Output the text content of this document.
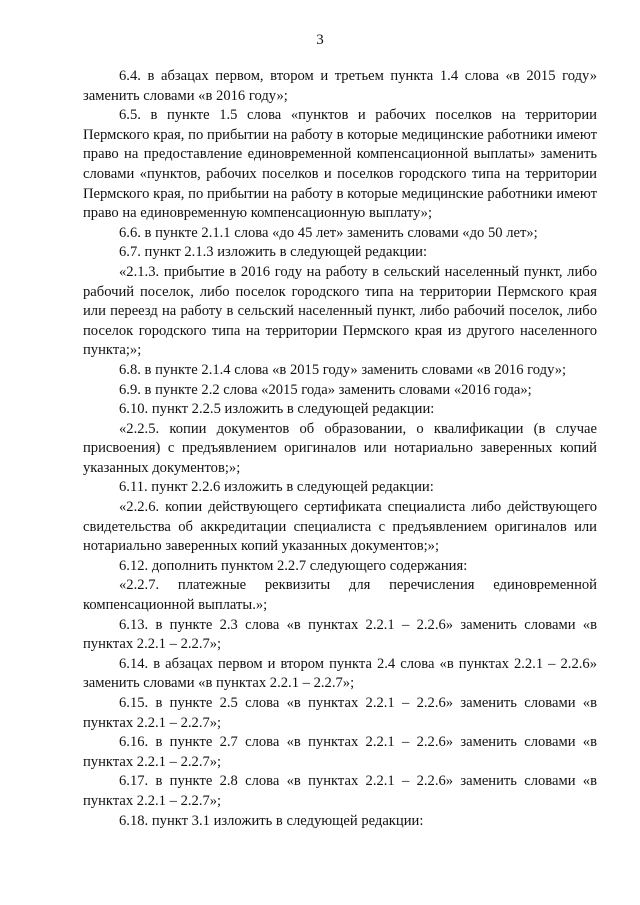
3

6.4. в абзацах первом, втором и третьем пункта 1.4 слова «в 2015 году» заменить словами «в 2016 году»;

6.5. в пункте 1.5 слова «пунктов и рабочих поселков на территории Пермского края, по прибытии на работу в которые медицинские работники имеют право на предоставление единовременной компенсационной выплаты» заменить словами «пунктов, рабочих поселков и поселков городского типа на территории Пермского края, по прибытии на работу в которые медицинские работники имеют право на единовременную компенсационную выплату»;

6.6. в пункте 2.1.1 слова «до 45 лет» заменить словами «до 50 лет»;

6.7. пункт 2.1.3 изложить в следующей редакции:

«2.1.3. прибытие в 2016 году на работу в сельский населенный пункт, либо рабочий поселок, либо поселок городского типа на территории Пермского края или переезд на работу в сельский населенный пункт, либо рабочий поселок, либо поселок городского типа на территории Пермского края из другого населенного пункта;»;

6.8. в пункте 2.1.4 слова «в 2015 году» заменить словами «в 2016 году»;

6.9. в пункте 2.2 слова «2015 года» заменить словами «2016 года»;

6.10. пункт 2.2.5 изложить в следующей редакции:

«2.2.5. копии документов об образовании, о квалификации (в случае присвоения) с предъявлением оригиналов или нотариально заверенных копий указанных документов;»;

6.11. пункт 2.2.6 изложить в следующей редакции:

«2.2.6. копии действующего сертификата специалиста либо действующего свидетельства об аккредитации специалиста с предъявлением оригиналов или нотариально заверенных копий указанных документов;»;

6.12. дополнить пунктом 2.2.7 следующего содержания:

«2.2.7. платежные реквизиты для перечисления единовременной компенсационной выплаты.»;

6.13. в пункте 2.3 слова «в пунктах 2.2.1 – 2.2.6» заменить словами «в пунктах 2.2.1 – 2.2.7»;

6.14. в абзацах первом и втором пункта 2.4 слова «в пунктах 2.2.1 – 2.2.6» заменить словами «в пунктах 2.2.1 – 2.2.7»;

6.15. в пункте 2.5 слова «в пунктах 2.2.1 – 2.2.6» заменить словами «в пунктах 2.2.1 – 2.2.7»;

6.16. в пункте 2.7 слова «в пунктах 2.2.1 – 2.2.6» заменить словами «в пунктах 2.2.1 – 2.2.7»;

6.17. в пункте 2.8 слова «в пунктах 2.2.1 – 2.2.6» заменить словами «в пунктах 2.2.1 – 2.2.7»;

6.18. пункт 3.1 изложить в следующей редакции:
